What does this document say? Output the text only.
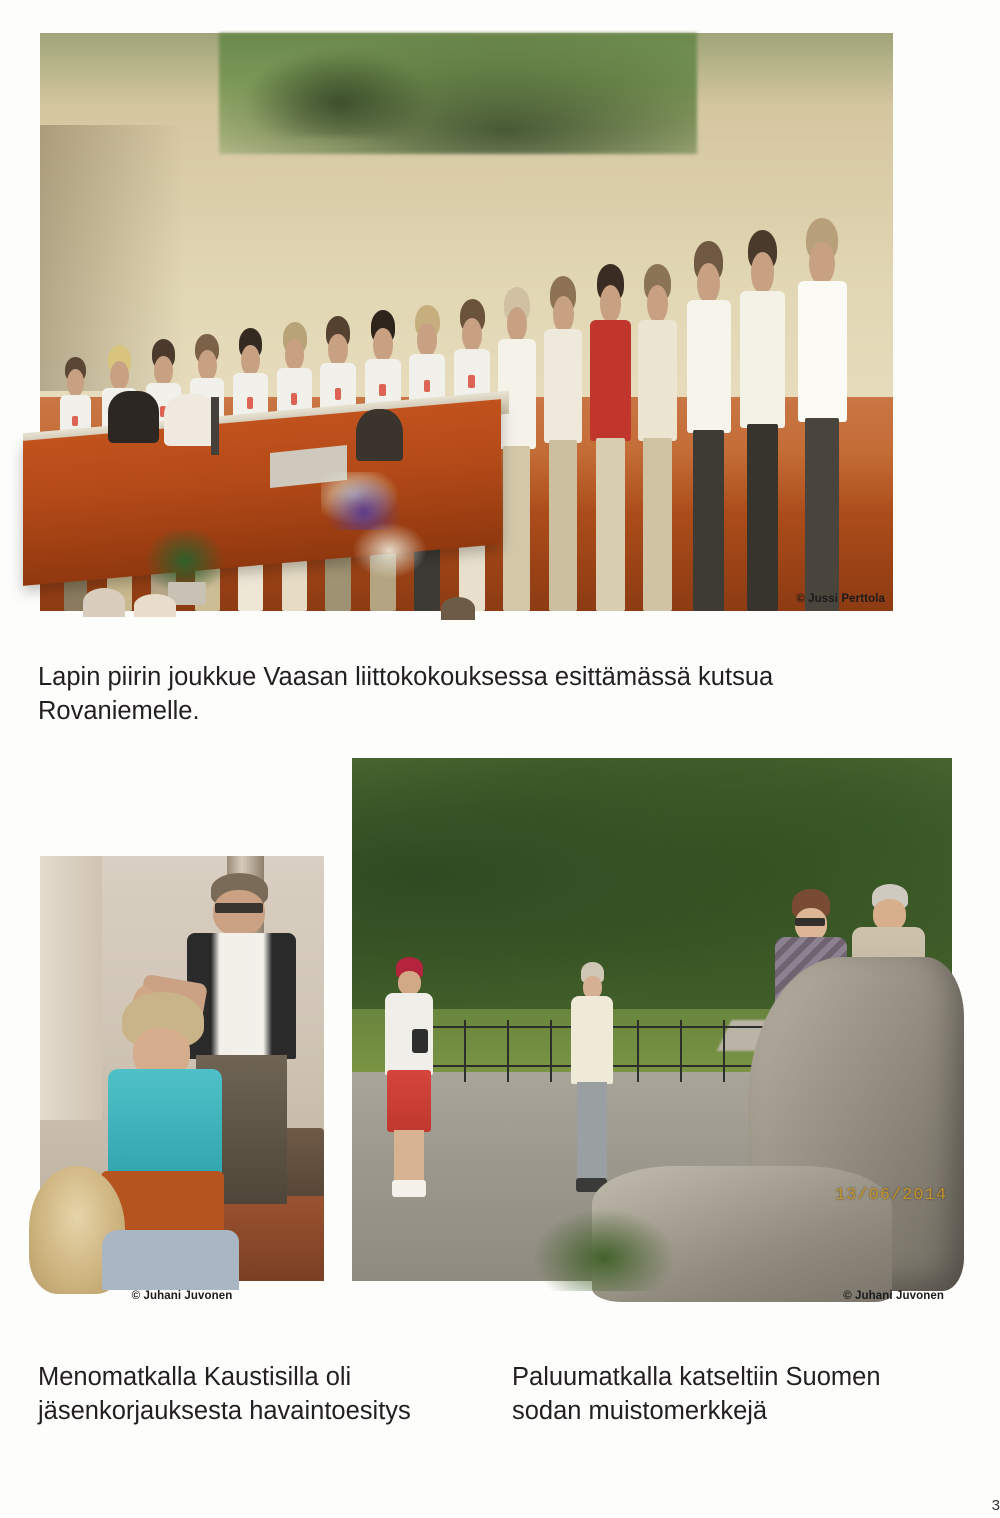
© Jussi Perttola
Lapin piirin joukkue Vaasan liittokokouksessa esittämässä kutsua Rovaniemelle.
© Juhani Juvonen
13/06/2014
© Juhani Juvonen
Menomatkalla Kaustisilla oli jäsenkorjauksesta havaintoesitys
Paluumatkalla katseltiin Suomen sodan muistomerkkejä
3
